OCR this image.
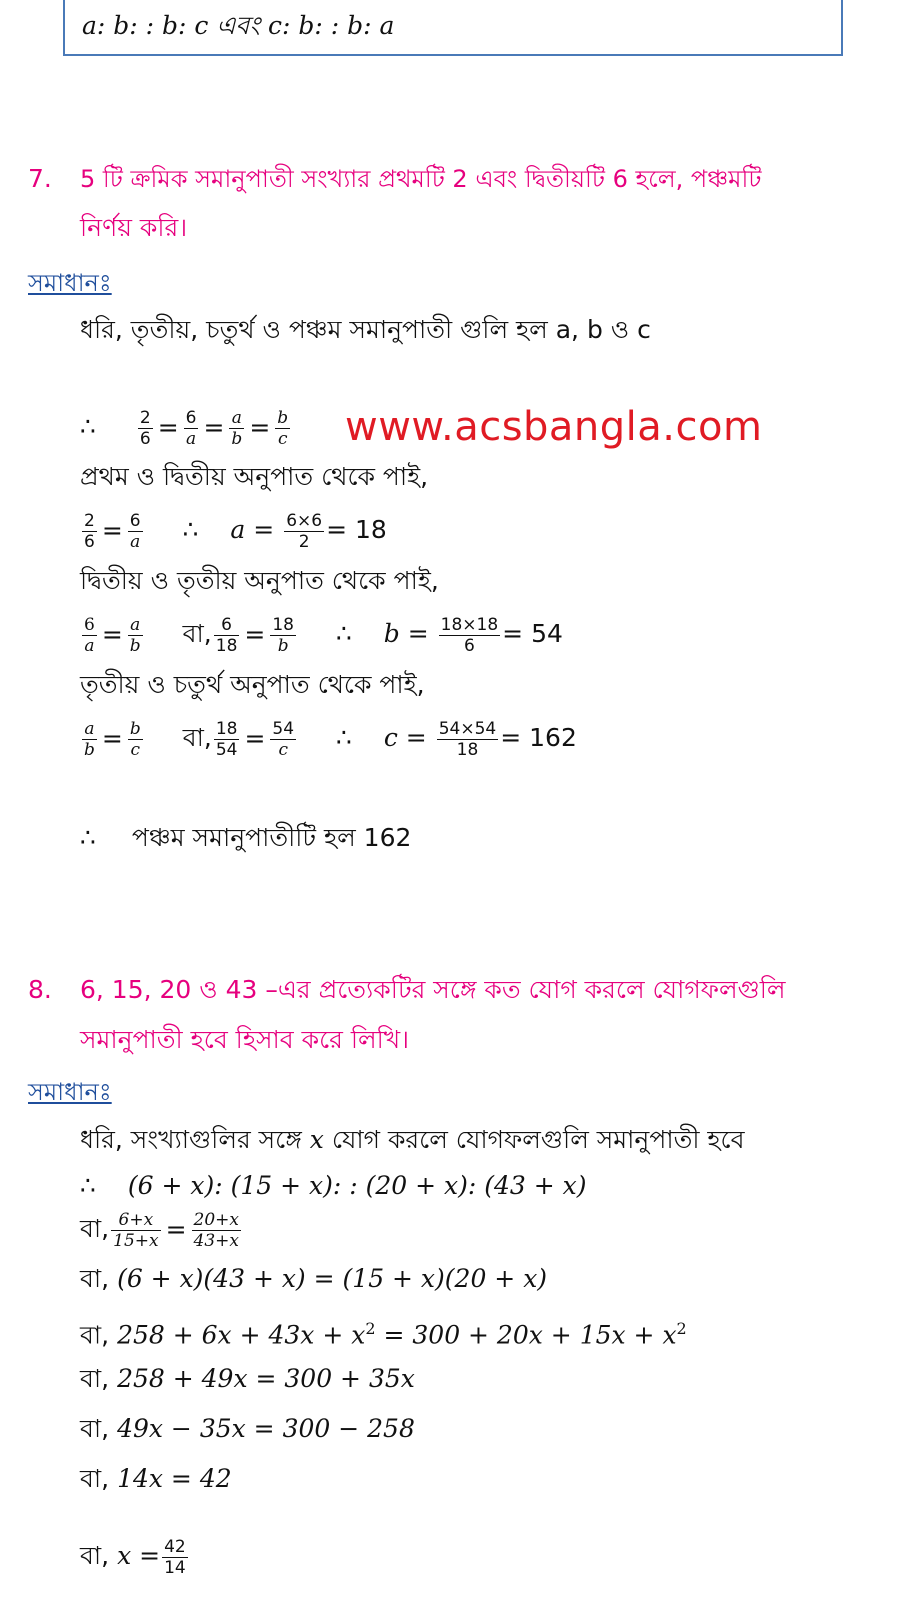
a: b: : b: c এবং c: b: : b: a
7. 5 টি ক্রমিক সমানুপাতী সংখ্যার প্রথমটি 2 এবং দ্বিতীয়টি 6 হলে, পঞ্চমটি
নির্ণয় করি।
সমাধানঃ
ধরি, তৃতীয়, চতুর্থ ও পঞ্চম সমানুপাতী গুলি হল a, b ও c
∴ $\frac{2}{6} = \frac{6}{a} = \frac{a}{b} = \frac{b}{c}$ www.acsbangla.com
প্রথম ও দ্বিতীয় অনুপাত থেকে পাই,
$\frac{2}{6} = \frac{6}{a}$ ∴ $a = \frac{6\times 6}{2} = 18$
দ্বিতীয় ও তৃতীয় অনুপাত থেকে পাই,
$\frac{6}{a} = \frac{a}{b}$ বা, $\frac{6}{18} = \frac{18}{b}$ ∴ $b = \frac{18\times 18}{6} = 54$
তৃতীয় ও চতুর্থ অনুপাত থেকে পাই,
$\frac{a}{b} = \frac{b}{c}$ বা, $\frac{18}{54} = \frac{54}{c}$ ∴ $c = \frac{54\times 54}{18} = 162$
∴ পঞ্চম সমানুপাতীটি হল 162
8. 6, 15, 20 ও 43 –এর প্রত্যেকটির সঙ্গে কত যোগ করলে যোগফলগুলি
সমানুপাতী হবে হিসাব করে লিখি।
সমাধানঃ
ধরি, সংখ্যাগুলির সঙ্গে x যোগ করলে যোগফলগুলি সমানুপাতী হবে
∴ (6 + x): (15 + x): : (20 + x): (43 + x)
বা, $\frac{6+x}{15+x} = \frac{20+x}{43+x}$
বা, (6 + x)(43 + x) = (15 + x)(20 + x)
বা, $258 + 6x + 43x + x^2 = 300 + 20x + 15x + x^2$
বা, 258 + 49x = 300 + 35x
বা, 49x − 35x = 300 − 258
বা, 14x = 42
বা, $x = \frac{42}{14}$
